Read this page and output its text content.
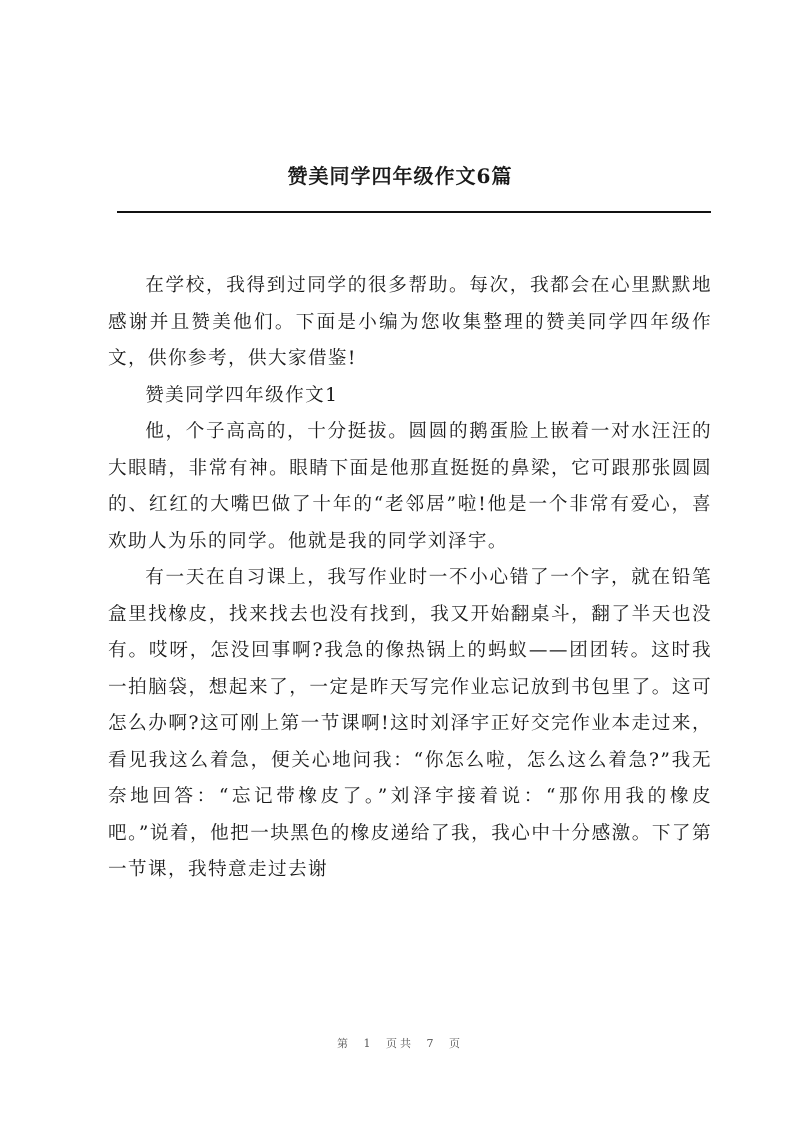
赞美同学四年级作文6篇

在学校，我得到过同学的很多帮助。每次，我都会在心里默默地感谢并且赞美他们。下面是小编为您收集整理的赞美同学四年级作文，供你参考，供大家借鉴!

赞美同学四年级作文1

他，个子高高的，十分挺拔。圆圆的鹅蛋脸上嵌着一对水汪汪的大眼睛，非常有神。眼睛下面是他那直挺挺的鼻梁，它可跟那张圆圆的、红红的大嘴巴做了十年的“老邻居”啦!他是一个非常有爱心，喜欢助人为乐的同学。他就是我的同学刘泽宇。

有一天在自习课上，我写作业时一不小心错了一个字，就在铅笔盒里找橡皮，找来找去也没有找到，我又开始翻桌斗，翻了半天也没有。哎呀，怎没回事啊?我急的像热锅上的蚂蚁——团团转。这时我一拍脑袋，想起来了，一定是昨天写完作业忘记放到书包里了。这可怎么办啊?这可刚上第一节课啊!这时刘泽宇正好交完作业本走过来，看见我这么着急，便关心地问我：“你怎么啦，怎么这么着急?”我无奈地回答：“忘记带橡皮了。”刘泽宇接着说：“那你用我的橡皮吧。”说着，他把一块黑色的橡皮递给了我，我心中十分感激。下了第一节课，我特意走过去谢

第 1 页共 7 页
